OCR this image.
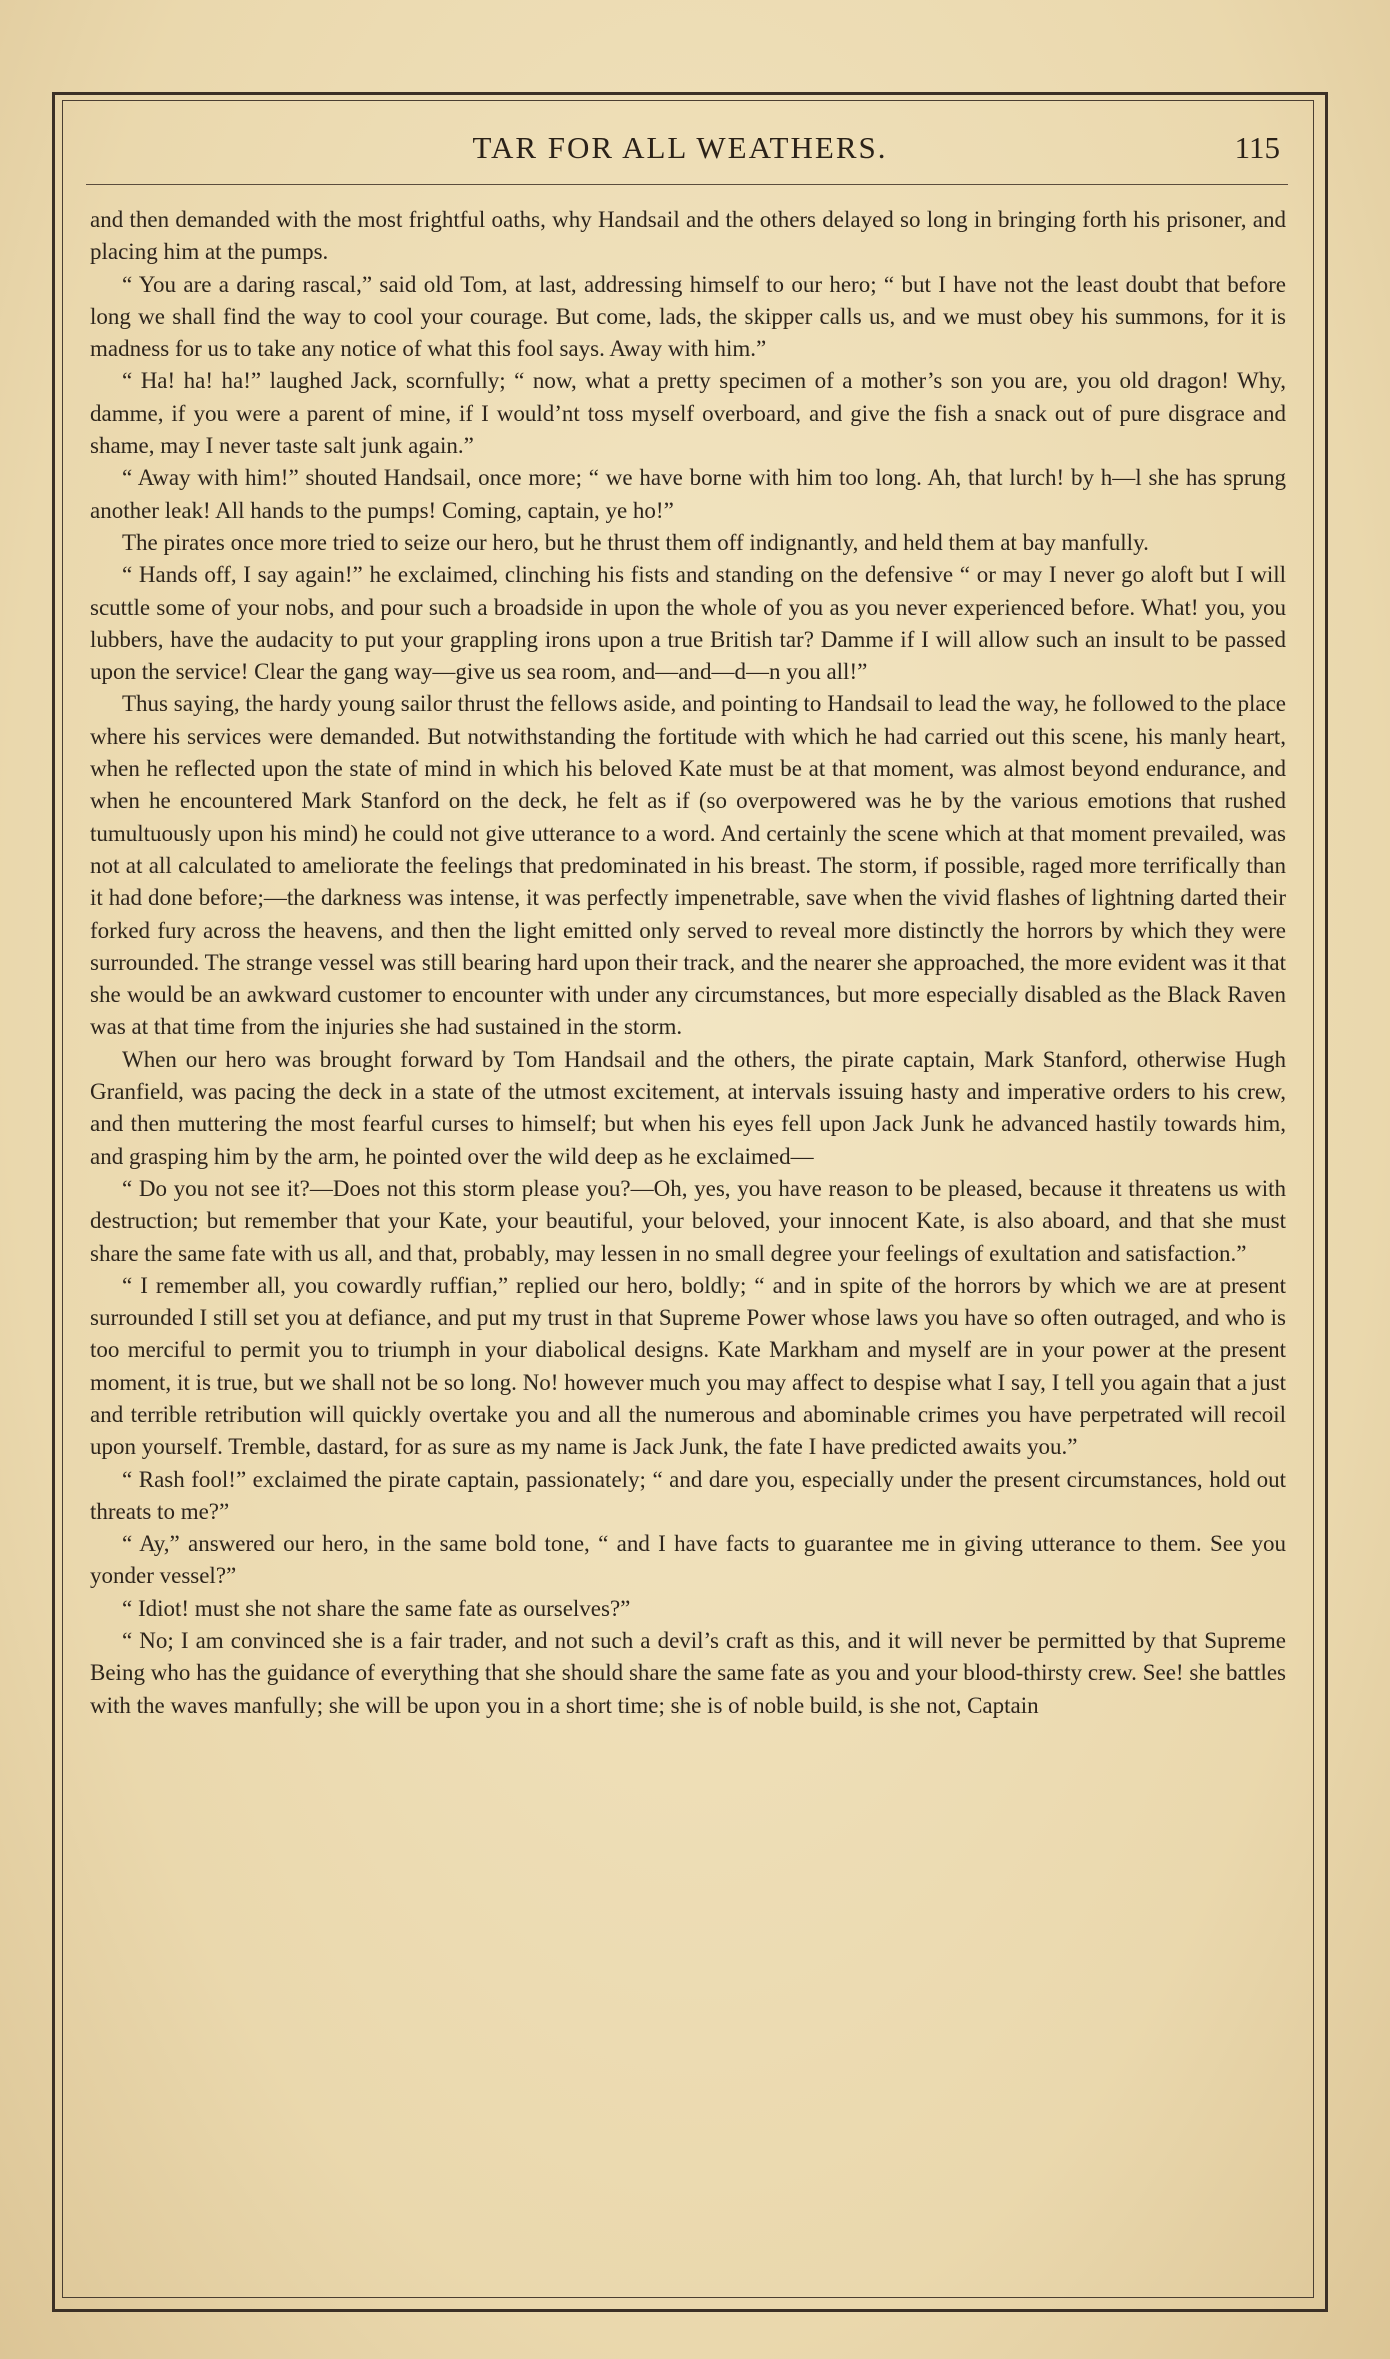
TAR FOR ALL WEATHERS.	115

and then demanded with the most frightful oaths, why Handsail and the others delayed so long in bringing forth his prisoner, and placing him at the pumps.

“ You are a daring rascal,” said old Tom, at last, addressing himself to our hero; “ but I have not the least doubt that before long we shall find the way to cool your courage. But come, lads, the skipper calls us, and we must obey his summons, for it is madness for us to take any notice of what this fool says. Away with him.”

“ Ha! ha! ha!” laughed Jack, scornfully; “ now, what a pretty specimen of a mother’s son you are, you old dragon! Why, damme, if you were a parent of mine, if I would’nt toss myself overboard, and give the fish a snack out of pure disgrace and shame, may I never taste salt junk again.”

“ Away with him!” shouted Handsail, once more; “ we have borne with him too long. Ah, that lurch! by h—l she has sprung another leak! All hands to the pumps! Coming, captain, ye ho!”

The pirates once more tried to seize our hero, but he thrust them off indignantly, and held them at bay manfully.

“ Hands off, I say again!” he exclaimed, clinching his fists and standing on the defensive “ or may I never go aloft but I will scuttle some of your nobs, and pour such a broadside in upon the whole of you as you never experienced before. What! you, you lubbers, have the audacity to put your grappling irons upon a true British tar? Damme if I will allow such an insult to be passed upon the service! Clear the gang way—give us sea room, and—and—d—n you all!”

Thus saying, the hardy young sailor thrust the fellows aside, and pointing to Handsail to lead the way, he followed to the place where his services were demanded. But notwithstanding the fortitude with which he had carried out this scene, his manly heart, when he reflected upon the state of mind in which his beloved Kate must be at that moment, was almost beyond endurance, and when he encountered Mark Stanford on the deck, he felt as if (so overpowered was he by the various emotions that rushed tumultuously upon his mind) he could not give utterance to a word. And certainly the scene which at that moment prevailed, was not at all calculated to ameliorate the feelings that predominated in his breast. The storm, if possible, raged more terrifically than it had done before;—the darkness was intense, it was perfectly impenetrable, save when the vivid flashes of lightning darted their forked fury across the heavens, and then the light emitted only served to reveal more distinctly the horrors by which they were surrounded. The strange vessel was still bearing hard upon their track, and the nearer she approached, the more evident was it that she would be an awkward customer to encounter with under any circumstances, but more especially disabled as the Black Raven was at that time from the injuries she had sustained in the storm.

When our hero was brought forward by Tom Handsail and the others, the pirate captain, Mark Stanford, otherwise Hugh Granfield, was pacing the deck in a state of the utmost excitement, at intervals issuing hasty and imperative orders to his crew, and then muttering the most fearful curses to himself; but when his eyes fell upon Jack Junk he advanced hastily towards him, and grasping him by the arm, he pointed over the wild deep as he exclaimed—

“ Do you not see it?—Does not this storm please you?—Oh, yes, you have reason to be pleased, because it threatens us with destruction; but remember that your Kate, your beautiful, your beloved, your innocent Kate, is also aboard, and that she must share the same fate with us all, and that, probably, may lessen in no small degree your feelings of exultation and satisfaction.”

“ I remember all, you cowardly ruffian,” replied our hero, boldly; “ and in spite of the horrors by which we are at present surrounded I still set you at defiance, and put my trust in that Supreme Power whose laws you have so often outraged, and who is too merciful to permit you to triumph in your diabolical designs. Kate Markham and myself are in your power at the present moment, it is true, but we shall not be so long. No! however much you may affect to despise what I say, I tell you again that a just and terrible retribution will quickly overtake you and all the numerous and abominable crimes you have perpetrated will recoil upon yourself. Tremble, dastard, for as sure as my name is Jack Junk, the fate I have predicted awaits you.”

“ Rash fool!” exclaimed the pirate captain, passionately; “ and dare you, especially under the present circumstances, hold out threats to me?”

“ Ay,” answered our hero, in the same bold tone, “ and I have facts to guarantee me in giving utterance to them. See you yonder vessel?”

“ Idiot! must she not share the same fate as ourselves?”

“ No; I am convinced she is a fair trader, and not such a devil’s craft as this, and it will never be permitted by that Supreme Being who has the guidance of everything that she should share the same fate as you and your blood-thirsty crew. See! she battles with the waves manfully; she will be upon you in a short time; she is of noble build, is she not, Captain
